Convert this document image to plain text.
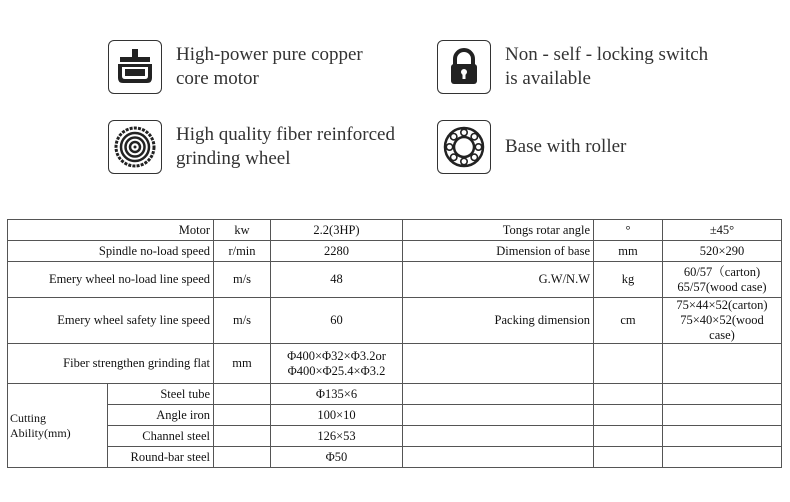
High-power pure copper
core motor
Non - self - locking switch
is available
High quality fiber reinforced
grinding wheel
Base with roller
Motor		kw	2.2(3HP)	Tongs rotar angle	°	±45°
Spindle no-load speed		r/min	2280	Dimension of base	mm	520×290
Emery wheel no-load line speed		m/s	48	G.W/N.W	kg	60/57（carton)
65/57(wood case)
Emery wheel safety line speed		m/s	60	Packing dimension	cm	75×44×52(carton)
75×40×52(wood case)
Fiber strengthen grinding flat		mm	Φ400×Φ32×Φ3.2or
Φ400×Φ25.4×Φ3.2			
Cutting Ability(mm)	Steel tube		Φ135×6			
	Angle iron		100×10			
	Channel steel		126×53			
	Round-bar steel		Φ50			
